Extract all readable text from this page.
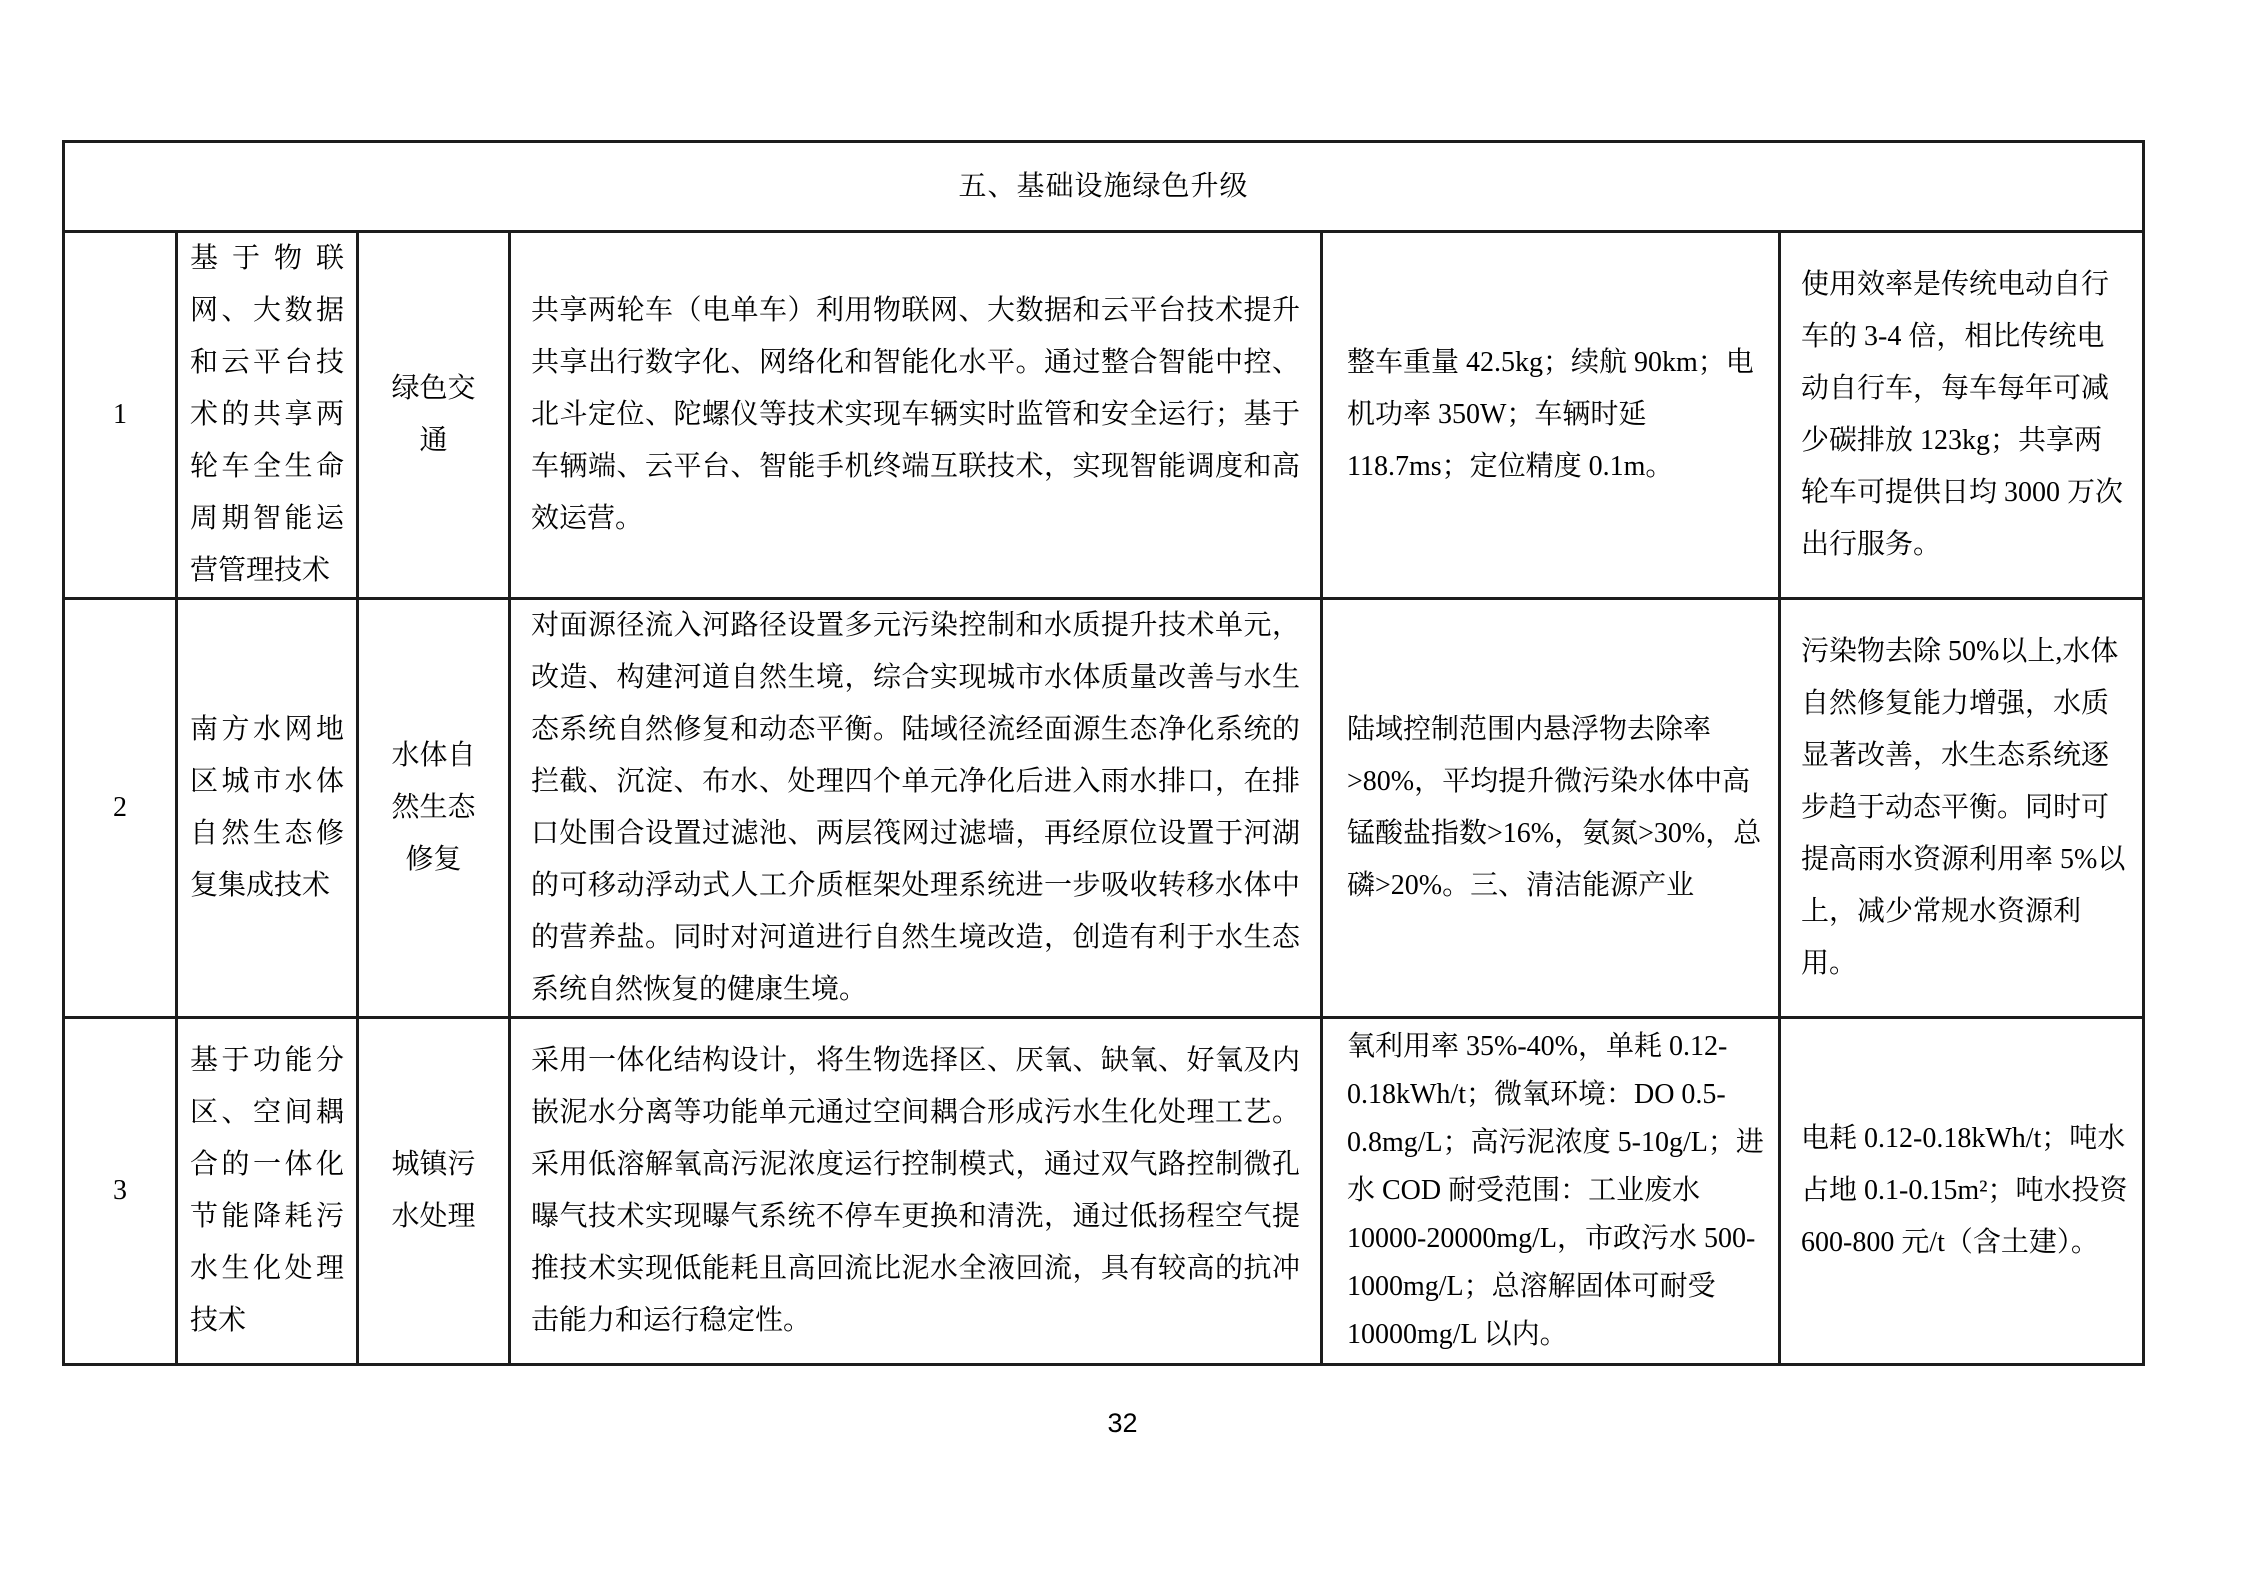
五、基础设施绿色升级					
1	基于物联网、大数据和云平台技术的共享两轮车全生命周期智能运营管理技术	绿色交通	共享两轮车（电单车）利用物联网、大数据和云平台技术提升共享出行数字化、网络化和智能化水平。通过整合智能中控、北斗定位、陀螺仪等技术实现车辆实时监管和安全运行；基于车辆端、云平台、智能手机终端互联技术，实现智能调度和高效运营。	整车重量 42.5kg；续航 90km；电机功率 350W；车辆时延 118.7ms；定位精度 0.1m。	使用效率是传统电动自行车的 3-4 倍，相比传统电动自行车，每车每年可减少碳排放 123kg；共享两轮车可提供日均 3000 万次出行服务。
2	南方水网地区城市水体自然生态修复集成技术	水体自然生态修复	对面源径流入河路径设置多元污染控制和水质提升技术单元，改造、构建河道自然生境，综合实现城市水体质量改善与水生态系统自然修复和动态平衡。陆域径流经面源生态净化系统的拦截、沉淀、布水、处理四个单元净化后进入雨水排口，在排口处围合设置过滤池、两层筏网过滤墙，再经原位设置于河湖的可移动浮动式人工介质框架处理系统进一步吸收转移水体中的营养盐。同时对河道进行自然生境改造，创造有利于水生态系统自然恢复的健康生境。	陆域控制范围内悬浮物去除率>80%，平均提升微污染水体中高锰酸盐指数>16%，氨氮>30%，总磷>20%。三、清洁能源产业	污染物去除 50%以上,水体自然修复能力增强，水质显著改善，水生态系统逐步趋于动态平衡。同时可提高雨水资源利用率 5%以上，减少常规水资源利用。
3	基于功能分区、空间耦合的一体化节能降耗污水生化处理技术	城镇污水处理	采用一体化结构设计，将生物选择区、厌氧、缺氧、好氧及内嵌泥水分离等功能单元通过空间耦合形成污水生化处理工艺。采用低溶解氧高污泥浓度运行控制模式，通过双气路控制微孔曝气技术实现曝气系统不停车更换和清洗，通过低扬程空气提推技术实现低能耗且高回流比泥水全液回流，具有较高的抗冲击能力和运行稳定性。	氧利用率 35%-40%，单耗 0.12-0.18kWh/t；微氧环境：DO 0.5-0.8mg/L；高污泥浓度 5-10g/L；进水 COD 耐受范围：工业废水 10000-20000mg/L，市政污水 500-1000mg/L；总溶解固体可耐受 10000mg/L 以内。	电耗 0.12-0.18kWh/t；吨水占地 0.1-0.15m²；吨水投资 600-800 元/t（含土建）。
32
